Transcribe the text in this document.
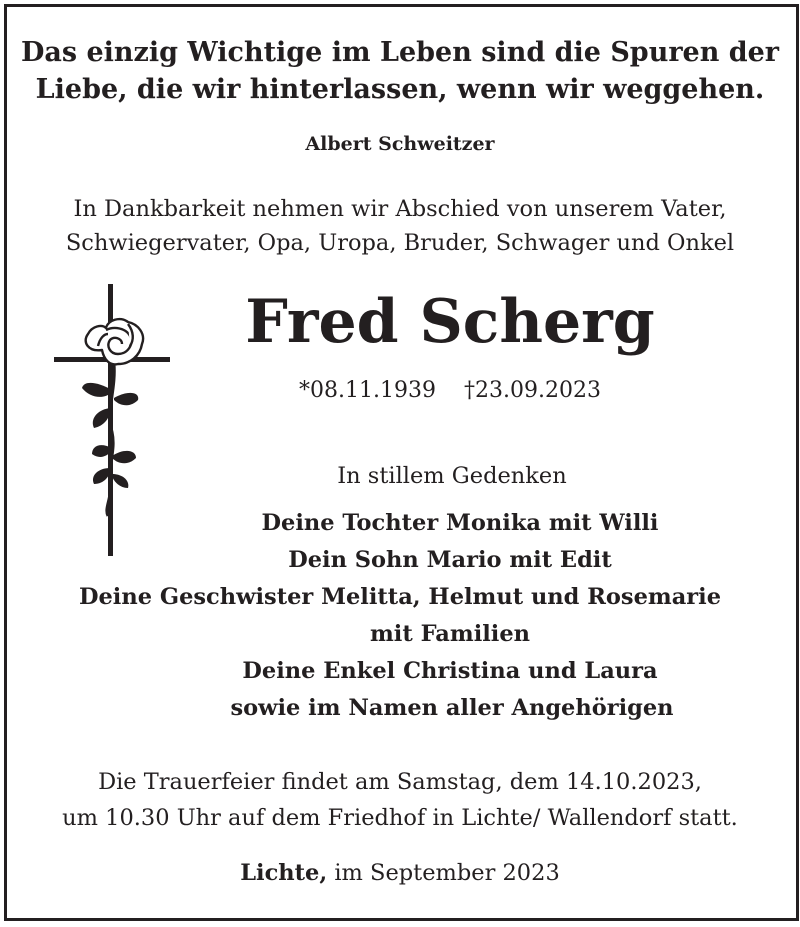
Das einzig Wichtige im Leben sind die Spuren der
Liebe, die wir hinterlassen, wenn wir weggehen.
Albert Schweitzer
In Dankbarkeit nehmen wir Abschied von unserem Vater,
Schwiegervater, Opa, Uropa, Bruder, Schwager und Onkel
Fred Scherg
*08.11.1939 †23.09.2023
In stillem Gedenken
Deine Tochter Monika mit Willi
Dein Sohn Mario mit Edit
Deine Geschwister Melitta, Helmut und Rosemarie
mit Familien
Deine Enkel Christina und Laura
sowie im Namen aller Angehörigen
Die Trauerfeier findet am Samstag, dem 14.10.2023,
um 10.30 Uhr auf dem Friedhof in Lichte/ Wallendorf statt.
Lichte, im September 2023
